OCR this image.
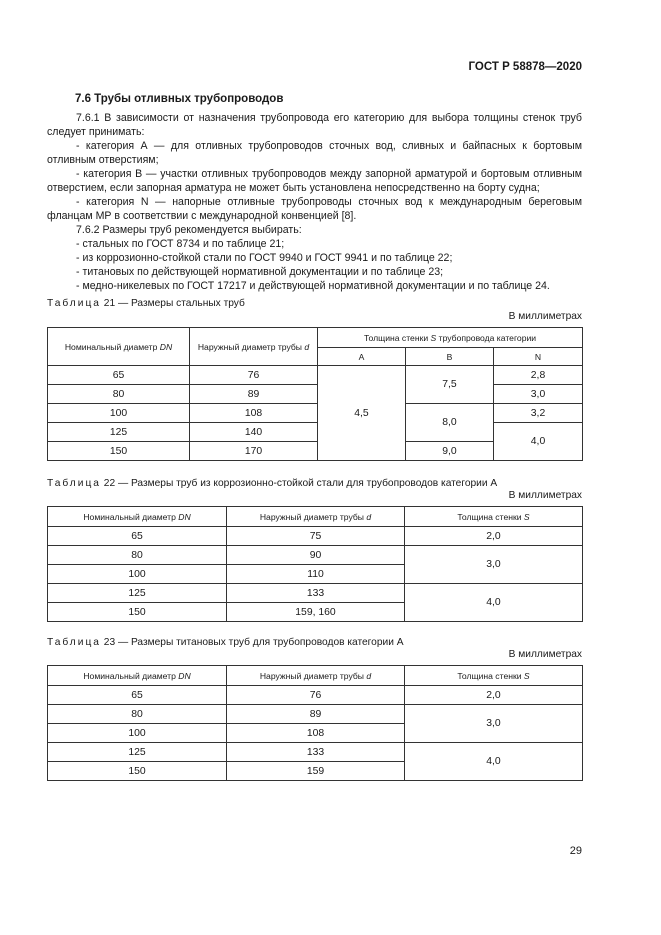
ГОСТ Р 58878—2020
7.6 Трубы отливных трубопроводов

7.6.1 В зависимости от назначения трубопровода его категорию для выбора толщины стенок труб следует принимать:

- категория А — для отливных трубопроводов сточных вод, сливных и байпасных к бортовым отливным отверстиям;

- категория В — участки отливных трубопроводов между запорной арматурой и бортовым отливным отверстием, если запорная арматура не может быть установлена непосредственно на борту судна;

- категория N — напорные отливные трубопроводы сточных вод к международным береговым фланцам МР в соответствии с международной конвенцией [8].

7.6.2 Размеры труб рекомендуется выбирать:

- стальных по ГОСТ 8734 и по таблице 21;

- из коррозионно-стойкой стали по ГОСТ 9940 и ГОСТ 9941 и по таблице 22;

- титановых по действующей нормативной документации и по таблице 23;

- медно-никелевых по ГОСТ 17217 и действующей нормативной документации и по таблице 24.

Таблица 21 — Размеры стальных труб
В миллиметрах
Номинальный диаметр DN	Наружный диаметр трубы d	Толщина стенки S трубопровода категории		
		A	B	N
65	76	4,5	7,5	2,8
80	89			3,0
100	108		8,0	3,2
125	140			4,0
150	170		9,0	
Таблица 22 — Размеры труб из коррозионно-стойкой стали для трубопроводов категории А
В миллиметрах
Номинальный диаметр DN	Наружный диаметр трубы d	Толщина стенки S
65	75	2,0
80	90	3,0
100	110	
125	133	4,0
150	159, 160	
Таблица 23 — Размеры титановых труб для трубопроводов категории А
В миллиметрах
Номинальный диаметр DN	Наружный диаметр трубы d	Толщина стенки S
65	76	2,0
80	89	3,0
100	108	
125	133	4,0
150	159	
29
